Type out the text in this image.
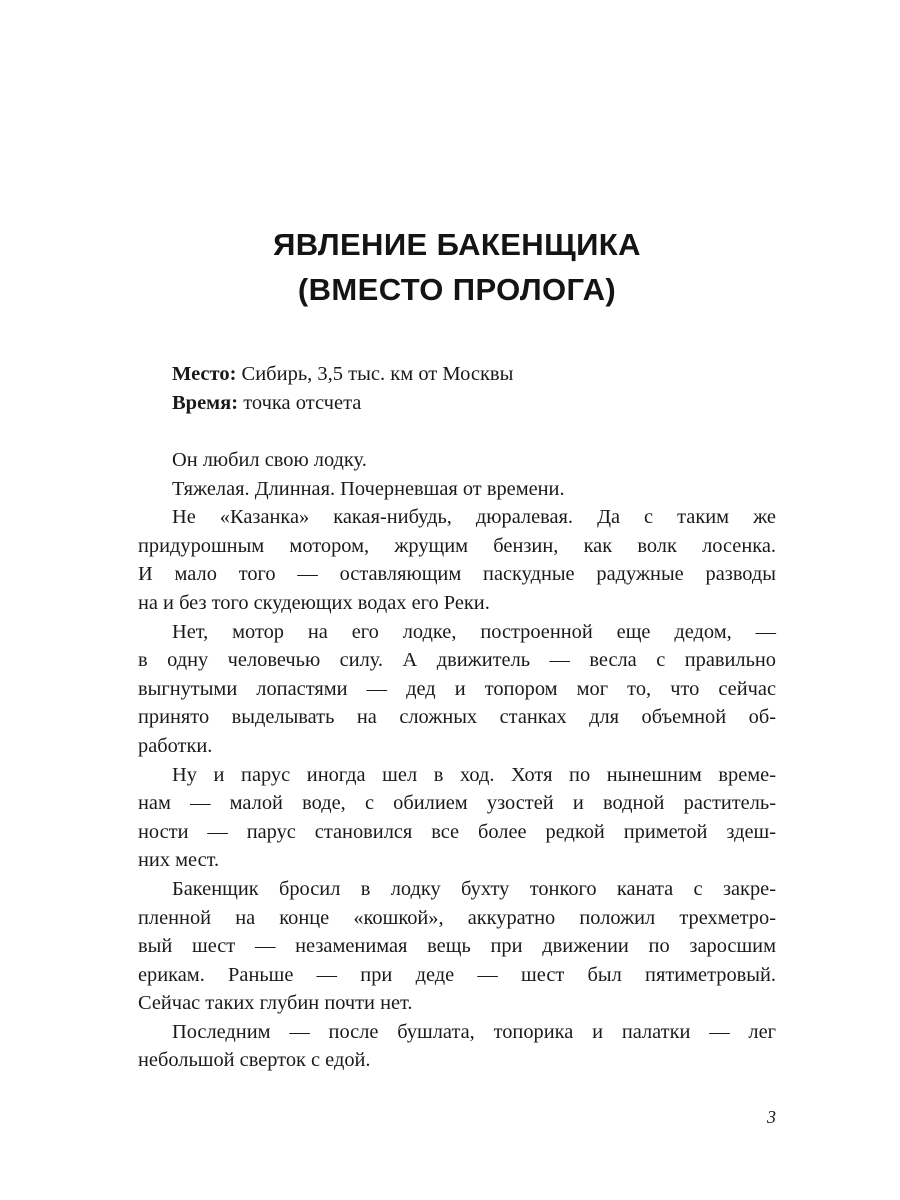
ЯВЛЕНИЕ БАКЕНЩИКА
(ВМЕСТО ПРОЛОГА)
Место: Сибирь, 3,5 тыс. км от Москвы
Время: точка отсчета

Он любил свою лодку.

Тяжелая. Длинная. Почерневшая от времени.

Не «Казанка» какая-нибудь, дюралевая. Да с таким же
придурошным мотором, жрущим бензин, как волк лосенка.
И мало того — оставляющим паскудные радужные разводы
на и без того скудеющих водах его Реки.

Нет, мотор на его лодке, построенной еще дедом, —
в одну человечью силу. А движитель — весла с правильно
выгнутыми лопастями — дед и топором мог то, что сейчас
принято выделывать на сложных станках для объемной об-
работки.

Ну и парус иногда шел в ход. Хотя по нынешним време-
нам — малой воде, с обилием узостей и водной раститель-
ности — парус становился все более редкой приметой здеш-
них мест.

Бакенщик бросил в лодку бухту тонкого каната с закре-
пленной на конце «кошкой», аккуратно положил трехметро-
вый шест — незаменимая вещь при движении по заросшим
ерикам. Раньше — при деде — шест был пятиметровый.
Сейчас таких глубин почти нет.

Последним — после бушлата, топорика и палатки — лег
небольшой сверток с едой.

3
